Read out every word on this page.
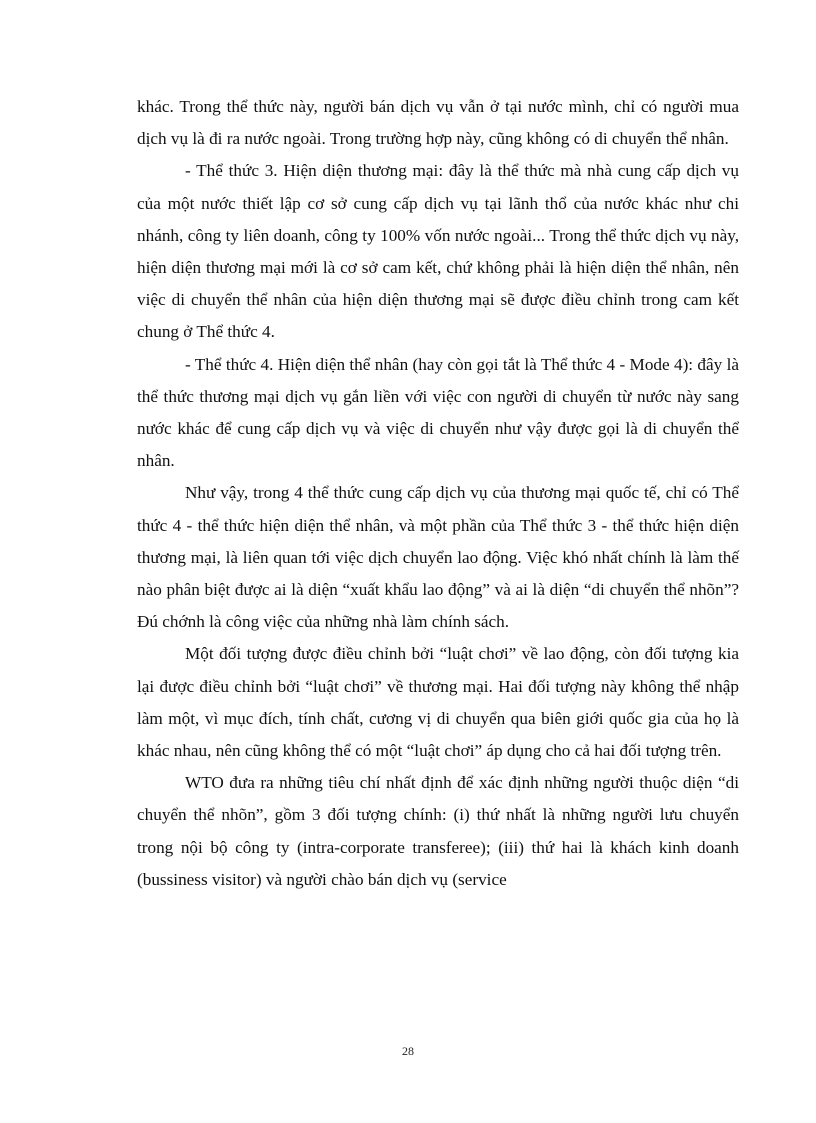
khác. Trong thể thức này, người bán dịch vụ vẫn ở tại nước mình, chỉ có người mua dịch vụ là đi ra nước ngoài. Trong trường hợp này, cũng không có di chuyển thể nhân.

- Thể thức 3. Hiện diện thương mại: đây là thể thức mà nhà cung cấp dịch vụ của một nước thiết lập cơ sở cung cấp dịch vụ tại lãnh thổ của nước khác như chi nhánh, công ty liên doanh, công ty 100% vốn nước ngoài... Trong thể thức dịch vụ này, hiện diện thương mại mới là cơ sở cam kết, chứ không phải là hiện diện thể nhân, nên việc di chuyển thể nhân của hiện diện thương mại sẽ được điều chỉnh trong cam kết chung ở Thể thức 4.

- Thể thức 4. Hiện diện thể nhân (hay còn gọi tắt là Thể thức 4 - Mode 4): đây là thể thức thương mại dịch vụ gắn liền với việc con người di chuyển từ nước này sang nước khác để cung cấp dịch vụ và việc di chuyển như vậy được gọi là di chuyển thể nhân.

Như vậy, trong 4 thể thức cung cấp dịch vụ của thương mại quốc tế, chỉ có Thể thức 4 - thể thức hiện diện thể nhân, và một phần của Thể thức 3 - thể thức hiện diện thương mại, là liên quan tới việc dịch chuyển lao động. Việc khó nhất chính là làm thế nào phân biệt được ai là diện “xuất khẩu lao động” và ai là diện “di chuyển thể nhõn”? Đú chớnh là công việc của những nhà làm chính sách.

Một đối tượng được điều chỉnh bởi “luật chơi” về lao động, còn đối tượng kia lại được điều chỉnh bởi “luật chơi” về thương mại. Hai đối tượng này không thể nhập làm một, vì mục đích, tính chất, cương vị di chuyển qua biên giới quốc gia của họ là khác nhau, nên cũng không thể có một “luật chơi” áp dụng cho cả hai đối tượng trên.

WTO đưa ra những tiêu chí nhất định để xác định những người thuộc diện “di chuyển thể nhõn”, gồm 3 đối tượng chính: (i) thứ nhất là những người lưu chuyển trong nội bộ công ty (intra-corporate transferee); (iii) thứ hai là khách kinh doanh (bussiness visitor) và người chào bán dịch vụ (service

28
